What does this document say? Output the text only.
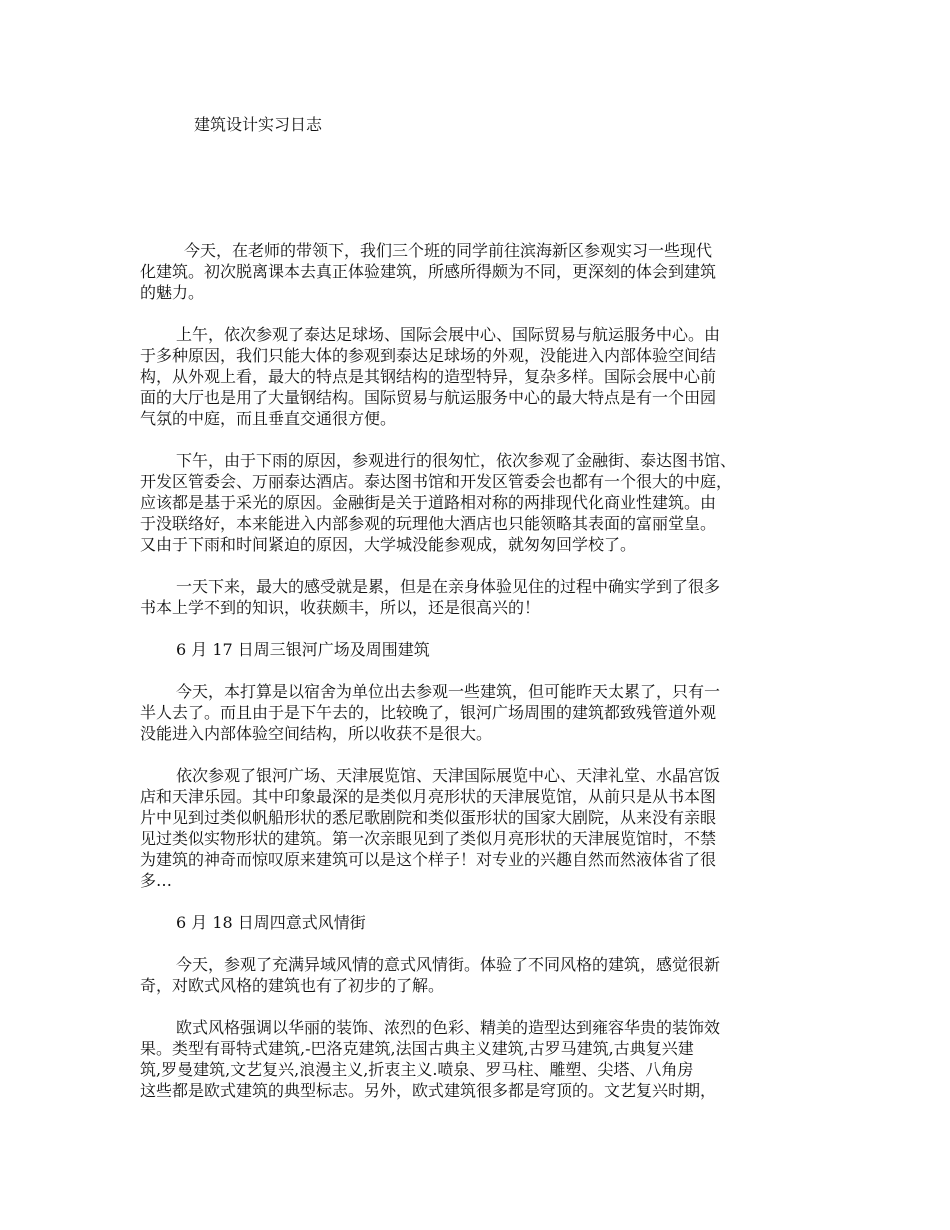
建筑设计实习日志

今天，在老师的带领下，我们三个班的同学前往滨海新区参观实习一些现代
化建筑。初次脱离课本去真正体验建筑，所感所得颇为不同，更深刻的体会到建筑
的魅力。

上午，依次参观了泰达足球场、国际会展中心、国际贸易与航运服务中心。由
于多种原因，我们只能大体的参观到泰达足球场的外观，没能进入内部体验空间结
构，从外观上看，最大的特点是其钢结构的造型特异，复杂多样。国际会展中心前
面的大厅也是用了大量钢结构。国际贸易与航运服务中心的最大特点是有一个田园
气氛的中庭，而且垂直交通很方便。

下午，由于下雨的原因，参观进行的很匆忙，依次参观了金融街、泰达图书馆、
开发区管委会、万丽泰达酒店。泰达图书馆和开发区管委会也都有一个很大的中庭，
应该都是基于采光的原因。金融街是关于道路相对称的两排现代化商业性建筑。由
于没联络好，本来能进入内部参观的玩理他大酒店也只能领略其表面的富丽堂皇。
又由于下雨和时间紧迫的原因，大学城没能参观成，就匆匆回学校了。

一天下来，最大的感受就是累，但是在亲身体验见住的过程中确实学到了很多
书本上学不到的知识，收获颇丰，所以，还是很高兴的！

6 月 17 日周三银河广场及周围建筑

今天，本打算是以宿舍为单位出去参观一些建筑，但可能昨天太累了，只有一
半人去了。而且由于是下午去的，比较晚了，银河广场周围的建筑都致残管道外观
没能进入内部体验空间结构，所以收获不是很大。

依次参观了银河广场、天津展览馆、天津国际展览中心、天津礼堂、水晶宫饭
店和天津乐园。其中印象最深的是类似月亮形状的天津展览馆，从前只是从书本图
片中见到过类似帆船形状的悉尼歌剧院和类似蛋形状的国家大剧院，从来没有亲眼
见过类似实物形状的建筑。第一次亲眼见到了类似月亮形状的天津展览馆时，不禁
为建筑的神奇而惊叹原来建筑可以是这个样子！对专业的兴趣自然而然液体省了很
多…

6 月 18 日周四意式风情街

今天，参观了充满异域风情的意式风情街。体验了不同风格的建筑，感觉很新
奇，对欧式风格的建筑也有了初步的了解。

欧式风格强调以华丽的装饰、浓烈的色彩、精美的造型达到雍容华贵的装饰效
果。类型有哥特式建筑,-巴洛克建筑,法国古典主义建筑,古罗马建筑,古典复兴建
筑,罗曼建筑,文艺复兴,浪漫主义,折衷主义.喷泉、罗马柱、雕塑、尖塔、八角房
这些都是欧式建筑的典型标志。另外，欧式建筑很多都是穹顶的。文艺复兴时期，
